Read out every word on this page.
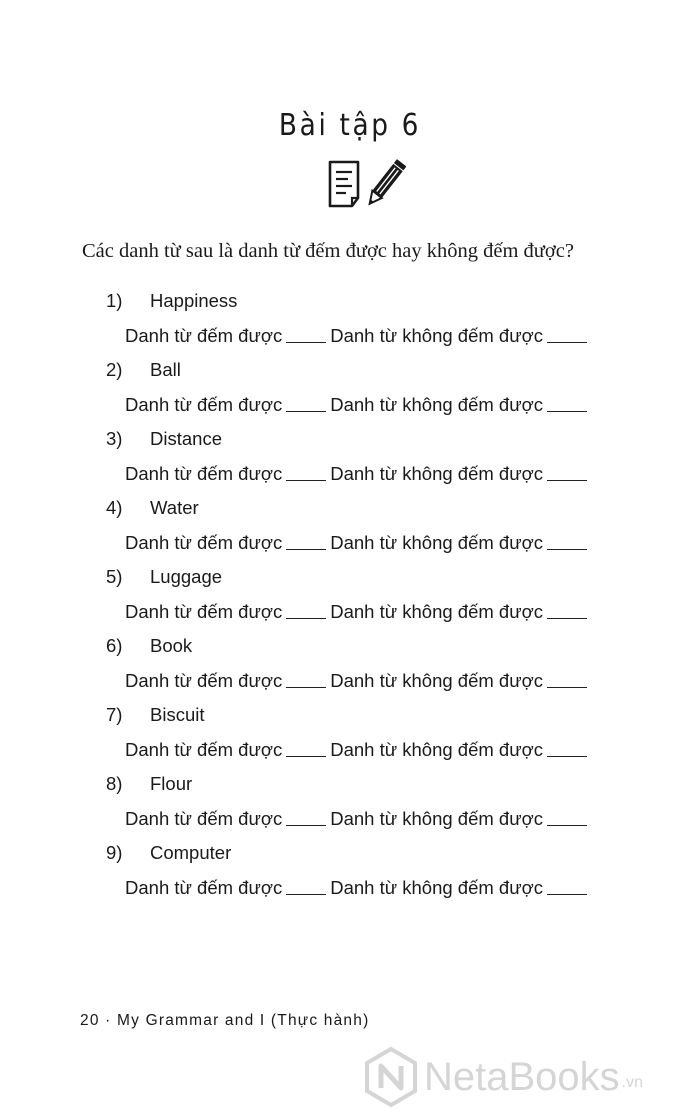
Bài tập 6
Các danh từ sau là danh từ đếm được hay không đếm được?
1) Happiness
Danh từ đếm được	Danh từ không đếm được
2) Ball
Danh từ đếm được	Danh từ không đếm được
3) Distance
Danh từ đếm được	Danh từ không đếm được
4) Water
Danh từ đếm được	Danh từ không đếm được
5) Luggage
Danh từ đếm được	Danh từ không đếm được
6) Book
Danh từ đếm được	Danh từ không đếm được
7) Biscuit
Danh từ đếm được	Danh từ không đếm được
8) Flour
Danh từ đếm được	Danh từ không đếm được
9) Computer
Danh từ đếm được	Danh từ không đếm được
20 · My Grammar and I (Thực hành)
NetaBooks .vn
